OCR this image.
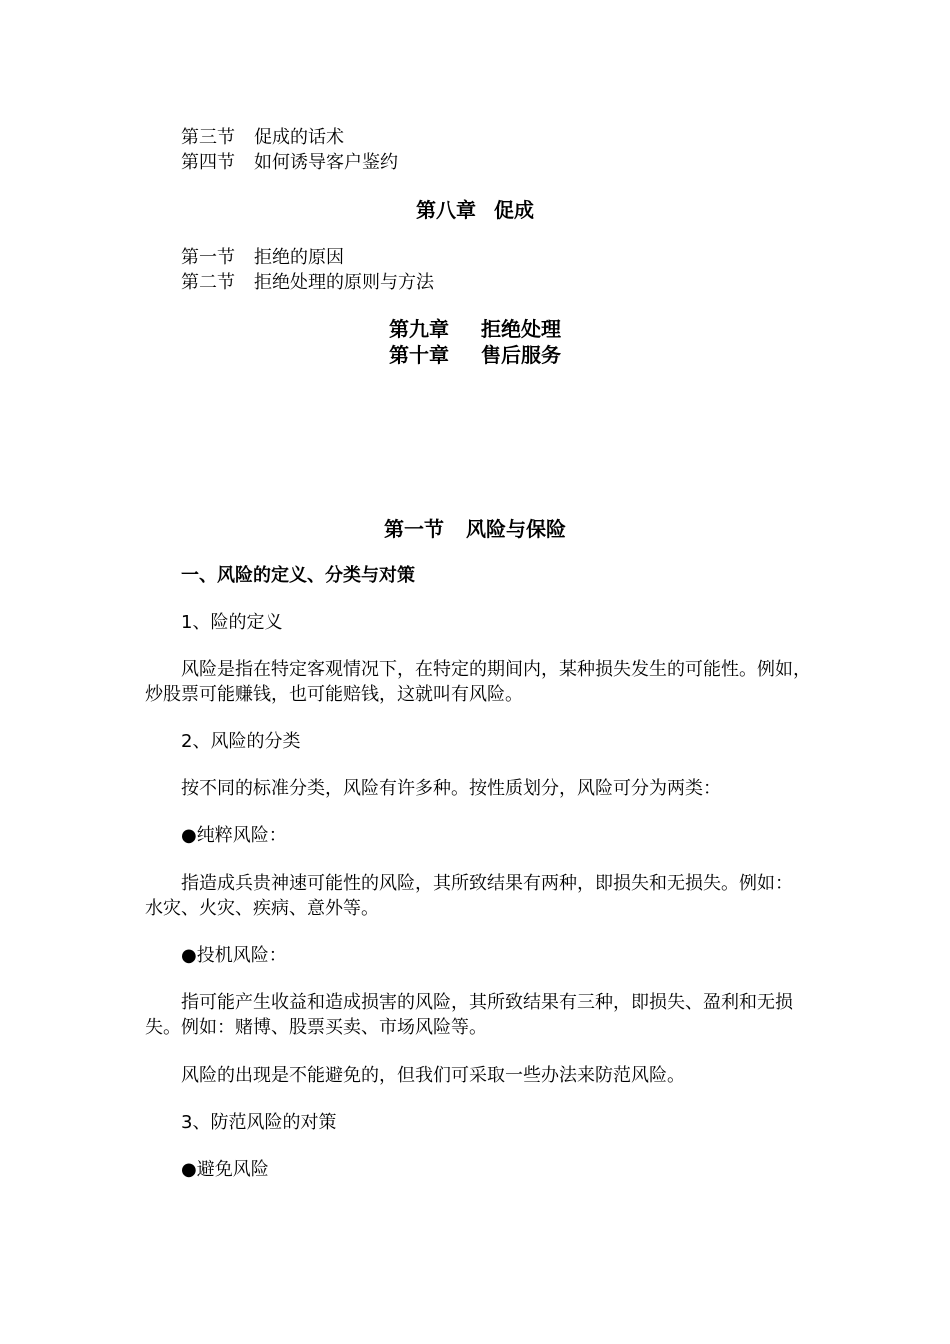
第三节 促成的话术
第四节 如何诱导客户鉴约
第八章 促成
第一节 拒绝的原因
第二节 拒绝处理的原则与方法
第九章 拒绝处理
第十章 售后服务
第一节 风险与保险
一、风险的定义、分类与对策
1、险的定义
风险是指在特定客观情况下，在特定的期间内，某种损失发生的可能性。例如，
炒股票可能赚钱，也可能赔钱，这就叫有风险。
2、风险的分类
按不同的标准分类，风险有许多种。按性质划分，风险可分为两类：
●纯粹风险：
指造成兵贵神速可能性的风险，其所致结果有两种，即损失和无损失。例如：
水灾、火灾、疾病、意外等。
●投机风险：
指可能产生收益和造成损害的风险，其所致结果有三种，即损失、盈利和无损
失。例如：赌博、股票买卖、市场风险等。
风险的出现是不能避免的，但我们可采取一些办法来防范风险。
3、防范风险的对策
●避免风险
